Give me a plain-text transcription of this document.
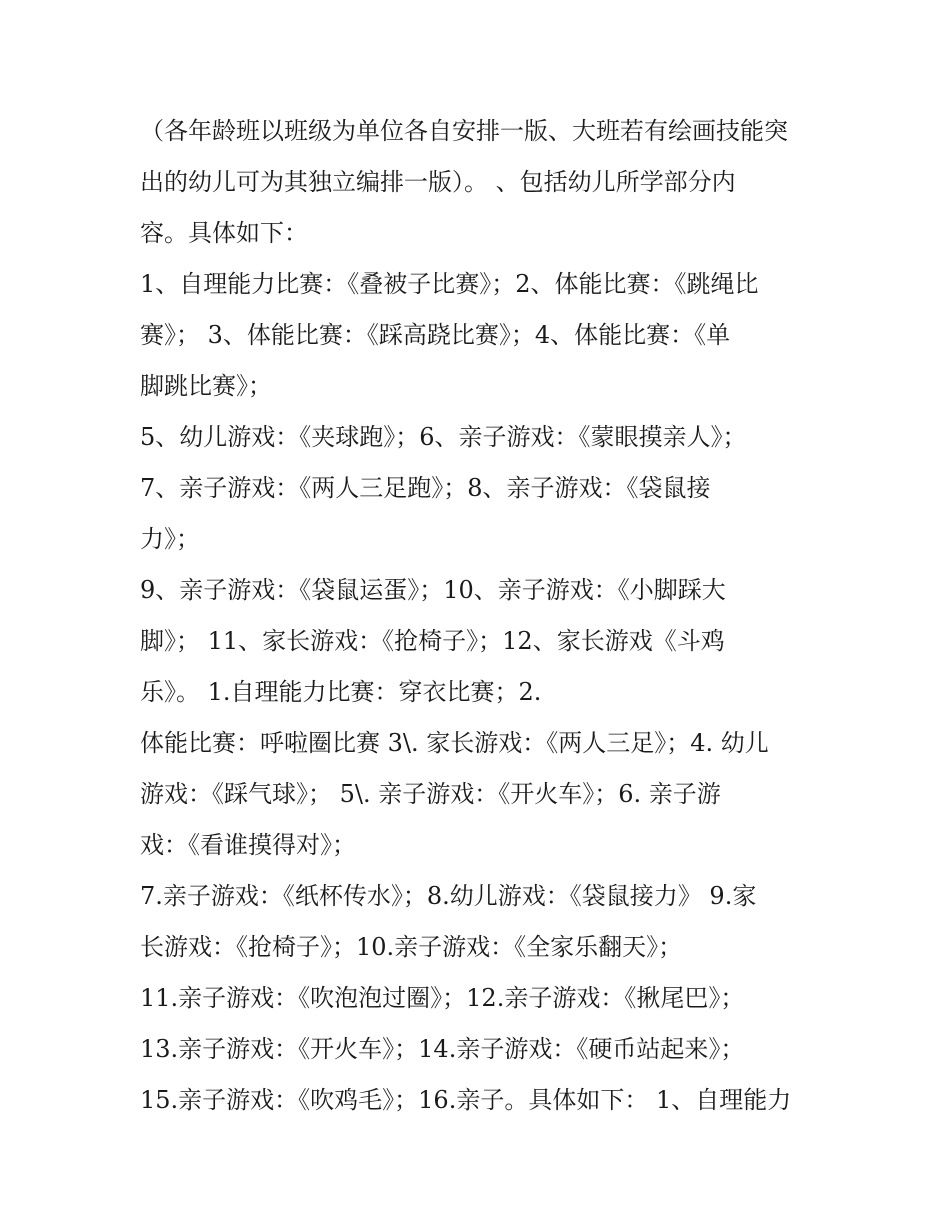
（各年龄班以班级为单位各自安排一版、大班若有绘画技能突
出的幼儿可为其独立编排一版）。 、包括幼儿所学部分内
容。具体如下：
1、自理能力比赛：《叠被子比赛》；2、体能比赛：《跳绳比
赛》； 3、体能比赛：《踩高跷比赛》；4、体能比赛：《单
脚跳比赛》；
5、幼儿游戏：《夹球跑》；6、亲子游戏：《蒙眼摸亲人》；
7、亲子游戏：《两人三足跑》；8、亲子游戏：《袋鼠接
力》；
9、亲子游戏：《袋鼠运蛋》；10、亲子游戏：《小脚踩大
脚》； 11、家长游戏：《抢椅子》；12、家长游戏《斗鸡
乐》。 1.自理能力比赛：穿衣比赛；2.
体能比赛：呼啦圈比赛 3\. 家长游戏：《两人三足》；4. 幼儿
游戏：《踩气球》； 5\. 亲子游戏：《开火车》；6. 亲子游
戏：《看谁摸得对》；
7.亲子游戏：《纸杯传水》；8.幼儿游戏：《袋鼠接力》 9.家
长游戏：《抢椅子》；10.亲子游戏：《全家乐翻天》；
11.亲子游戏：《吹泡泡过圈》；12.亲子游戏：《揪尾巴》；
13.亲子游戏：《开火车》；14.亲子游戏：《硬币站起来》；
15.亲子游戏：《吹鸡毛》；16.亲子。具体如下： 1、自理能力
